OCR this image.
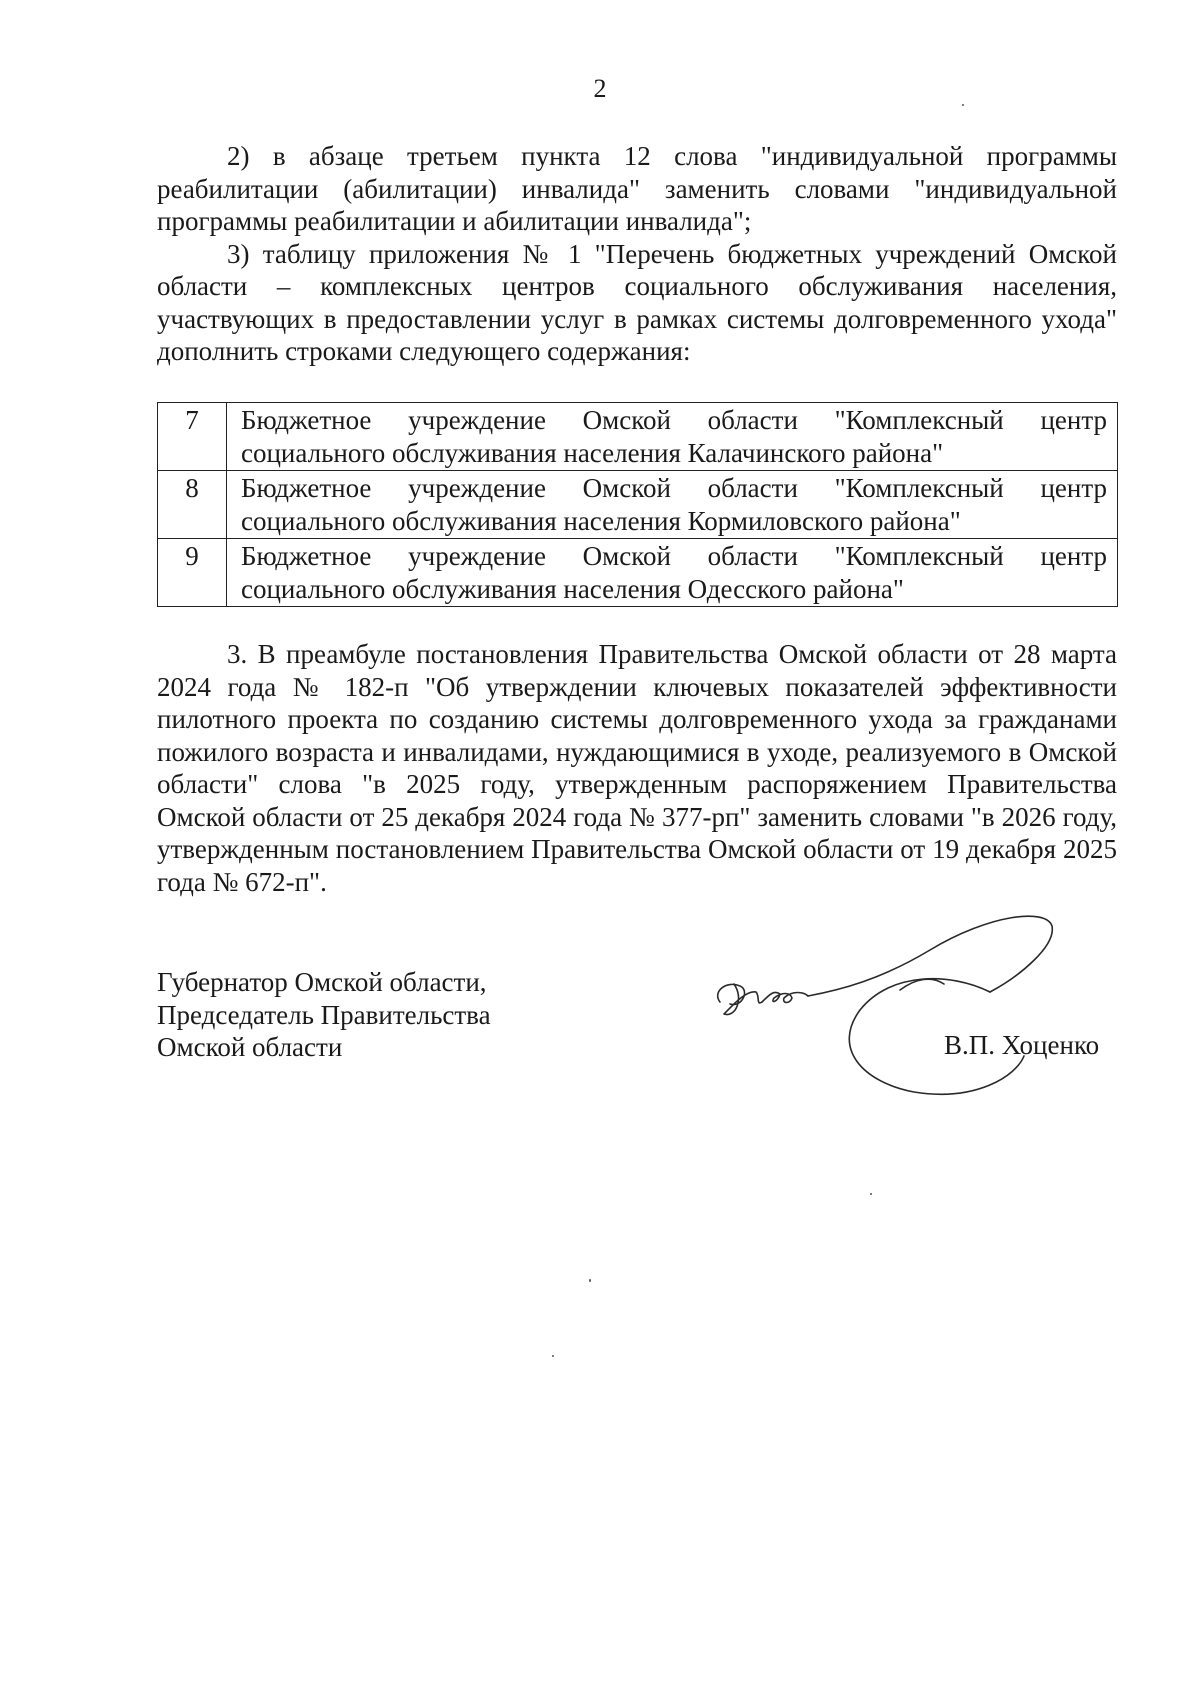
2

2) в абзаце третьем пункта 12 слова "индивидуальной программы реабилитации (абилитации) инвалида" заменить словами "индивидуальной программы реабилитации и абилитации инвалида";

3) таблицу приложения № 1 "Перечень бюджетных учреждений Омской области – комплексных центров социального обслуживания населения, участвующих в предоставлении услуг в рамках системы долговременного ухода" дополнить строками следующего содержания:

7	Бюджетное учреждение Омской области "Комплексный центр социального обслуживания населения Калачинского района"
8	Бюджетное учреждение Омской области "Комплексный центр социального обслуживания населения Кормиловского района"
9	Бюджетное учреждение Омской области "Комплексный центр социального обслуживания населения Одесского района"

3. В преамбуле постановления Правительства Омской области от 28 марта 2024 года № 182-п "Об утверждении ключевых показателей эффективности пилотного проекта по созданию системы долговременного ухода за гражданами пожилого возраста и инвалидами, нуждающимися в уходе, реализуемого в Омской области" слова "в 2025 году, утвержденным распоряжением Правительства Омской области от 25 декабря 2024 года № 377-рп" заменить словами "в 2026 году, утвержденным постановлением Правительства Омской области от 19 декабря 2025 года № 672-п".

Губернатор Омской области,
Председатель Правительства
Омской области	В.П. Хоценко
